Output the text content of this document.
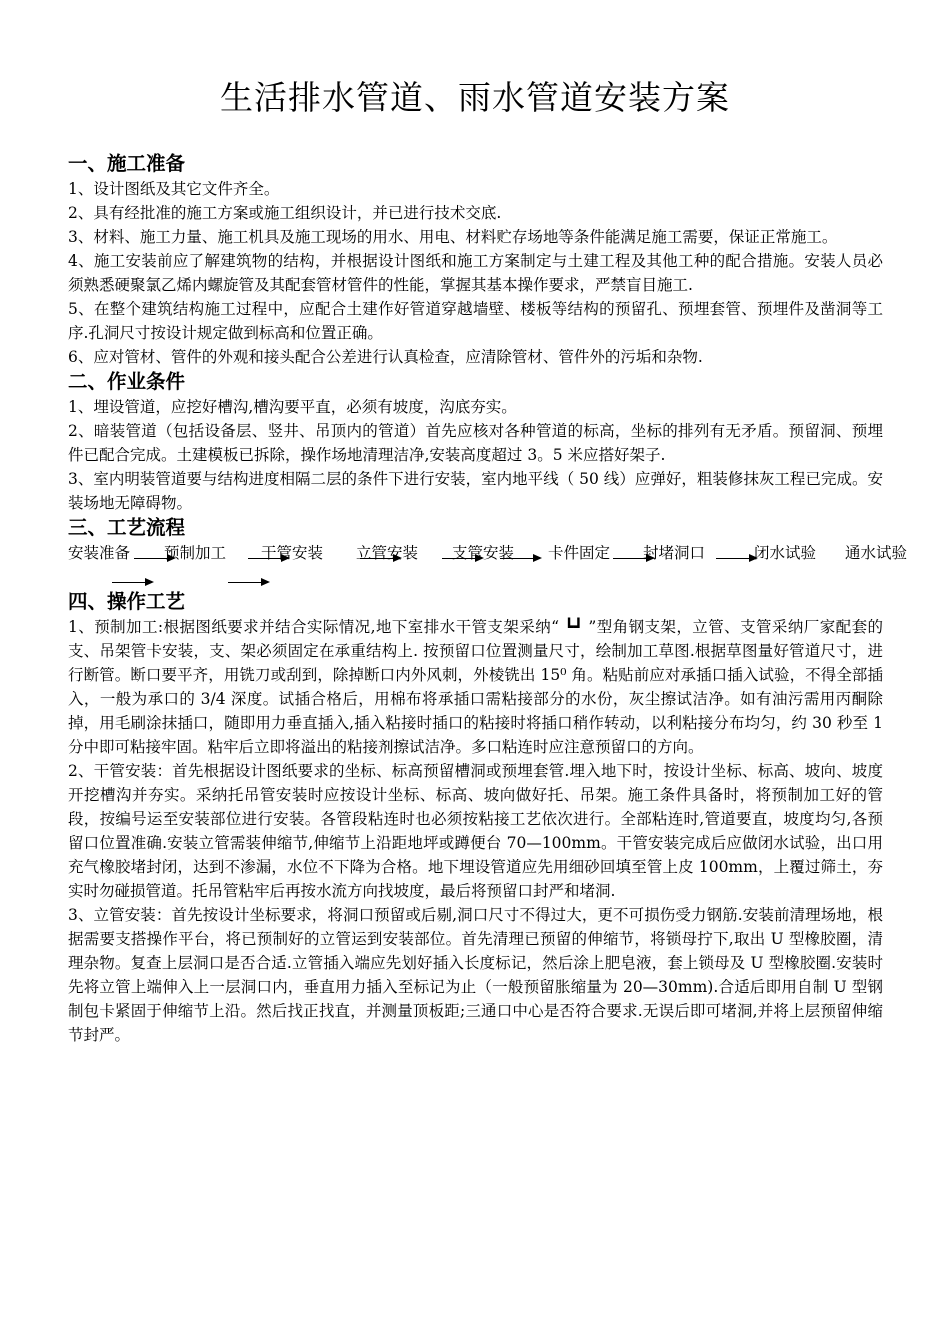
生活排水管道、雨水管道安装方案

一、施工准备

1、设计图纸及其它文件齐全。

2、具有经批准的施工方案或施工组织设计，并已进行技术交底.

3、材料、施工力量、施工机具及施工现场的用水、用电、材料贮存场地等条件能满足施工需要，保证正常施工。

4、施工安装前应了解建筑物的结构，并根据设计图纸和施工方案制定与土建工程及其他工种的配合措施。安装人员必须熟悉硬聚氯乙烯内螺旋管及其配套管材管件的性能，掌握其基本操作要求，严禁盲目施工.

5、在整个建筑结构施工过程中，应配合土建作好管道穿越墙壁、楼板等结构的预留孔、预埋套管、预埋件及凿洞等工序.孔洞尺寸按设计规定做到标高和位置正确。

6、应对管材、管件的外观和接头配合公差进行认真检查，应清除管材、管件外的污垢和杂物.

二、作业条件

1、埋设管道，应挖好槽沟,槽沟要平直，必须有坡度，沟底夯实。

2、暗装管道（包括设备层、竖井、吊顶内的管道）首先应核对各种管道的标高，坐标的排列有无矛盾。预留洞、预埋件已配合完成。土建模板已拆除，操作场地清理洁净,安装高度超过 3。5 米应搭好架子.

3、室内明装管道要与结构进度相隔二层的条件下进行安装，室内地平线（ 50 线）应弹好，粗装修抹灰工程已完成。安装场地无障碍物。

三、工艺流程

安装准备 预制加工 干管安装 立管安装 支管安装 卡件固定 封堵洞口	闭水试验 通水试验

四、操作工艺

1、预制加工:根据图纸要求并结合实际情况,地下室排水干管支架采纳“ ┗┛ ”型角钢支架，立管、支管采纳厂家配套的支、吊架管卡安装，支、架必须固定在承重结构上. 按预留口位置测量尺寸，绘制加工草图.根据草图量好管道尺寸，进行断管。断口要平齐，用铣刀或刮到，除掉断口内外风刺，外棱铣出 15⁰ 角。粘贴前应对承插口插入试验，不得全部插入，一般为承口的 3/4 深度。试插合格后，用棉布将承插口需粘接部分的水份，灰尘擦试洁净。如有油污需用丙酮除掉，用毛刷涂抹插口，随即用力垂直插入,插入粘接时插口的粘接时将插口稍作转动，以利粘接分布均匀，约 30 秒至 1 分中即可粘接牢固。粘牢后立即将溢出的粘接剂擦试洁净。多口粘连时应注意预留口的方向。

2、干管安装：首先根据设计图纸要求的坐标、标高预留槽洞或预埋套管.埋入地下时，按设计坐标、标高、坡向、坡度开挖槽沟并夯实。采纳托吊管安装时应按设计坐标、标高、坡向做好托、吊架。施工条件具备时，将预制加工好的管段，按编号运至安装部位进行安装。各管段粘连时也必须按粘接工艺依次进行。全部粘连时,管道要直，坡度均匀,各预留口位置准确.安装立管需装伸缩节,伸缩节上沿距地坪或蹲便台 70—100mm。干管安装完成后应做闭水试验，出口用充气橡胶堵封闭，达到不渗漏，水位不下降为合格。地下埋设管道应先用细砂回填至管上皮 100mm，上覆过筛土，夯实时勿碰损管道。托吊管粘牢后再按水流方向找坡度，最后将预留口封严和堵洞.

3、立管安装：首先按设计坐标要求，将洞口预留或后剔,洞口尺寸不得过大，更不可损伤受力钢筋.安装前清理场地，根据需要支搭操作平台，将已预制好的立管运到安装部位。首先清理已预留的伸缩节，将锁母拧下,取出 U 型橡胶圈，清理杂物。复查上层洞口是否合适.立管插入端应先划好插入长度标记，然后涂上肥皂液，套上锁母及 U 型橡胶圈.安装时先将立管上端伸入上一层洞口内，垂直用力插入至标记为止（一般预留胀缩量为 20—30mm).合适后即用自制 U 型钢制包卡紧固于伸缩节上沿。然后找正找直，并测量顶板距;三通口中心是否符合要求.无误后即可堵洞,并将上层预留伸缩节封严。
